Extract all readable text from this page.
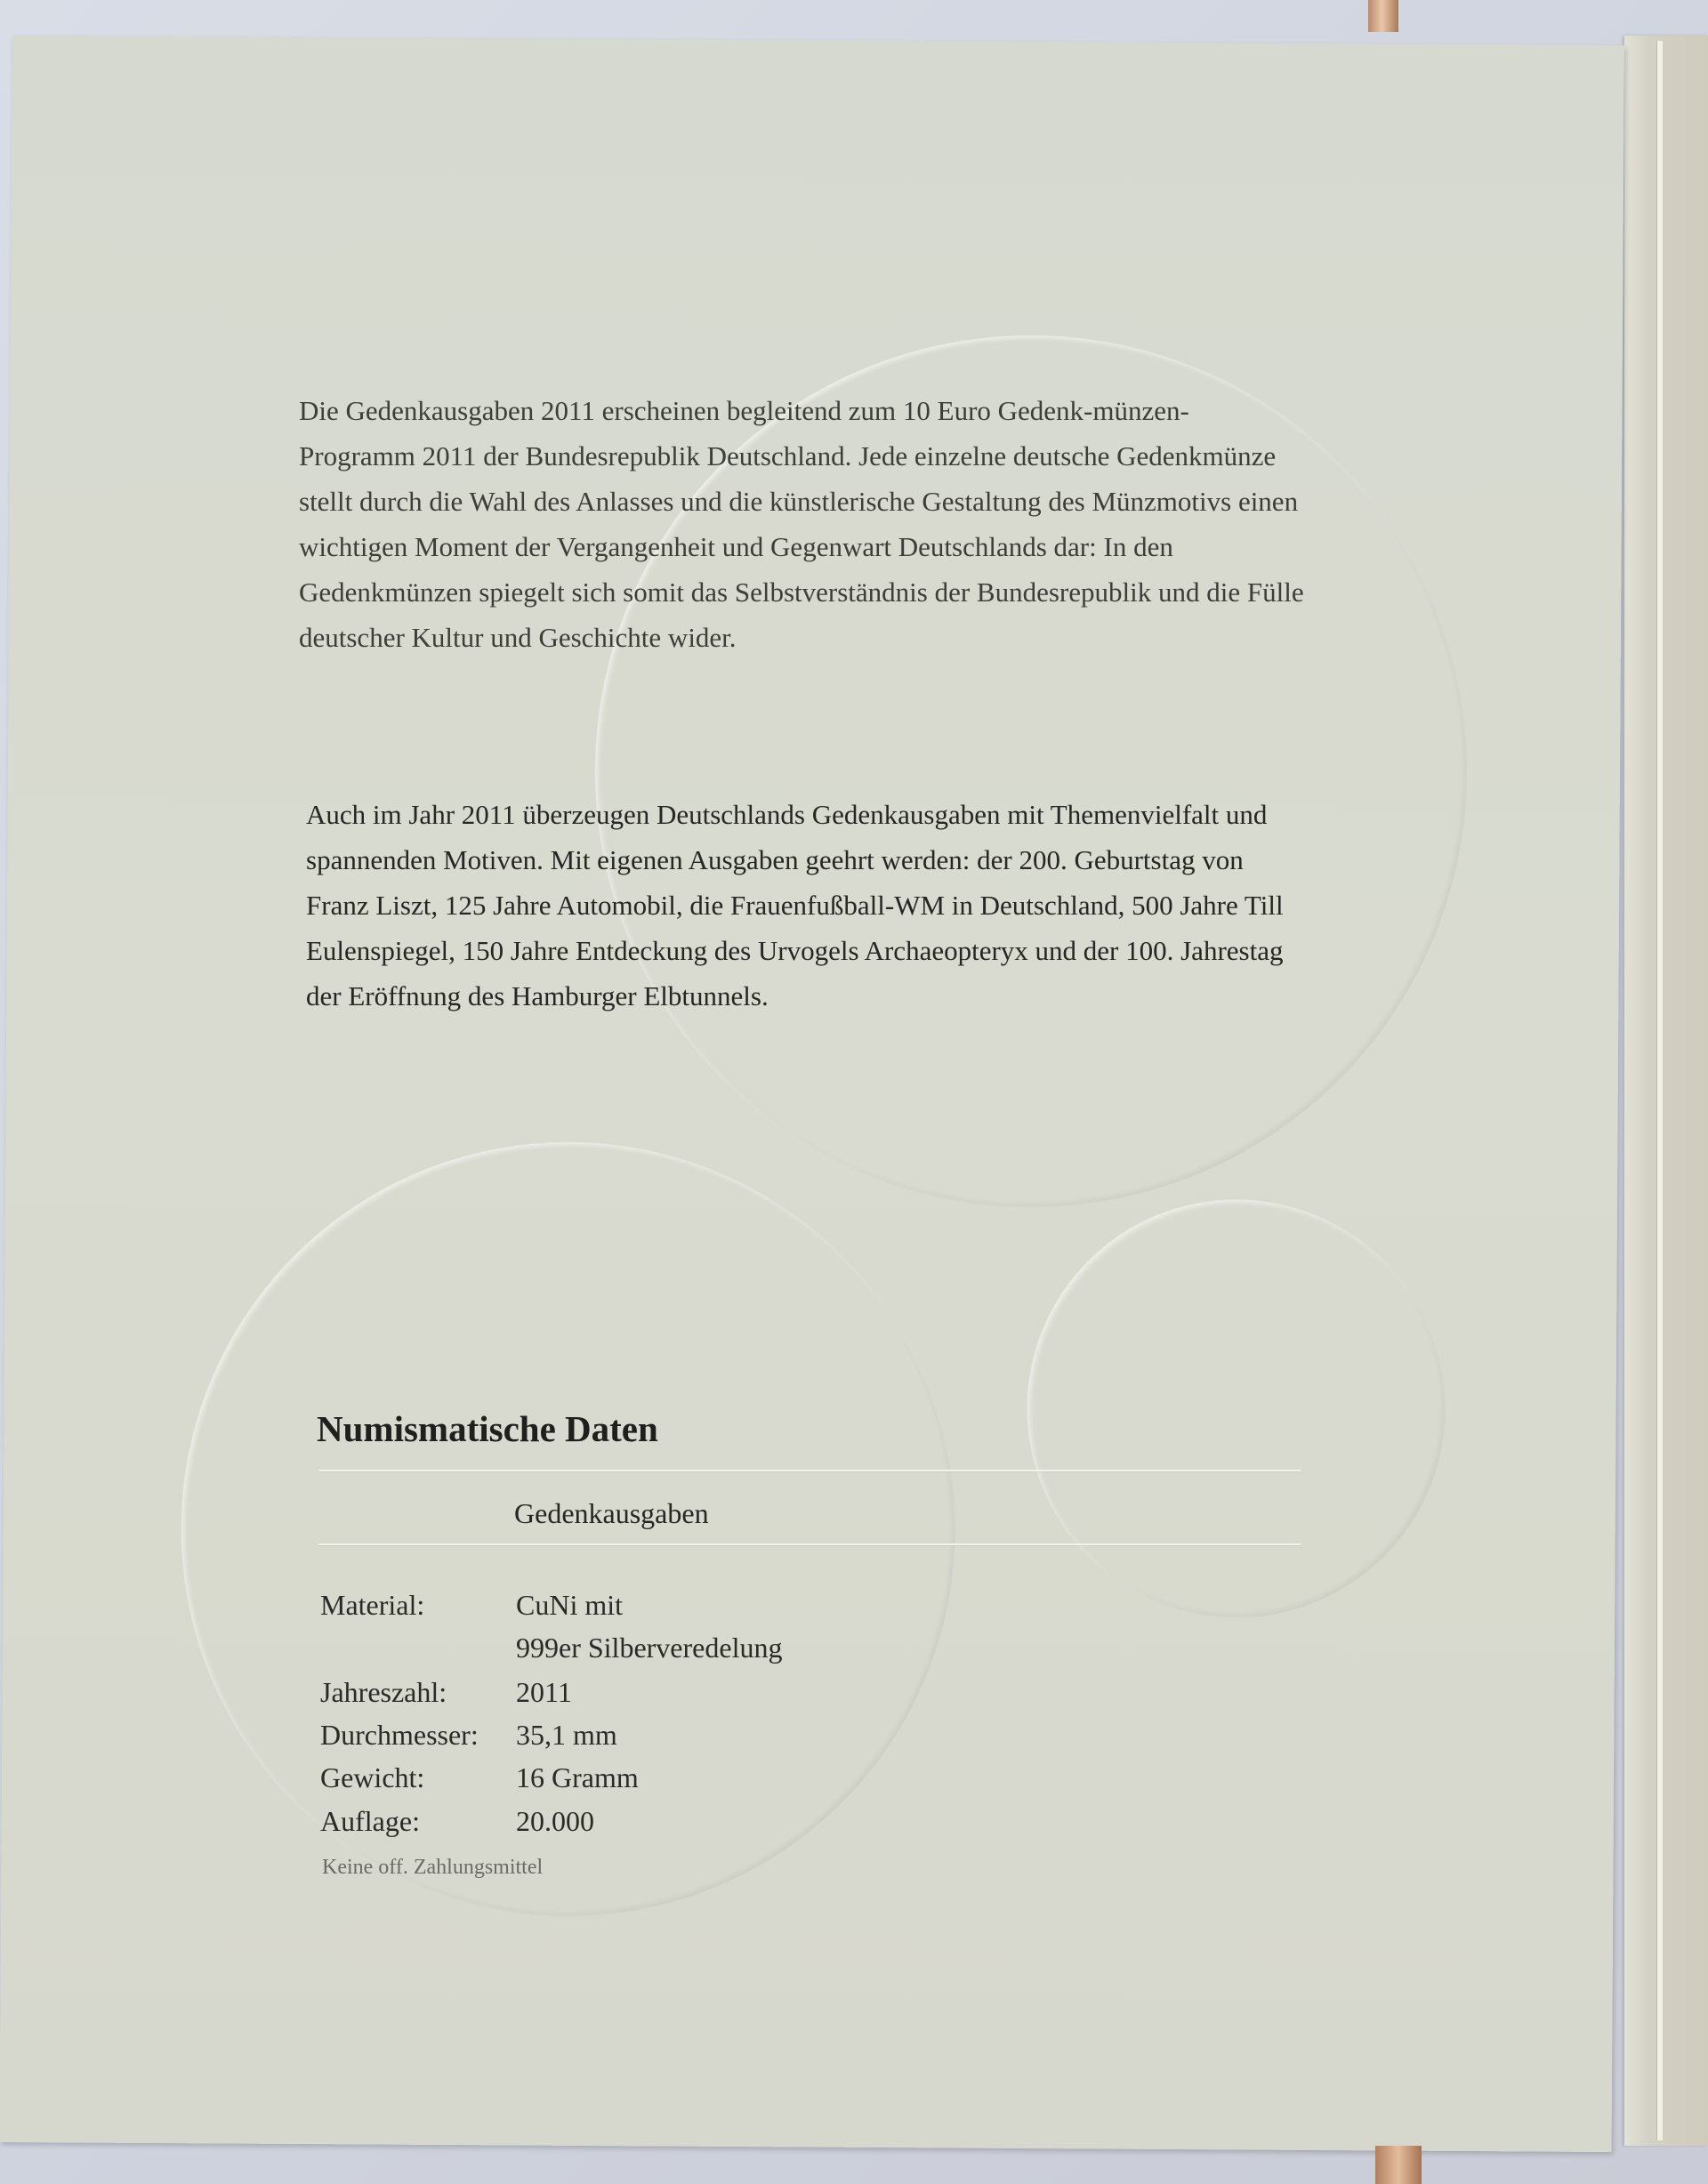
Die Gedenkausgaben 2011 erscheinen begleitend zum 10 Euro Gedenk-münzen-Programm 2011 der Bundesrepublik Deutschland. Jede einzelne deutsche Gedenkmünze stellt durch die Wahl des Anlasses und die künstlerische Gestaltung des Münzmotivs einen wichtigen Moment der Vergangenheit und Gegenwart Deutschlands dar: In den Gedenkmünzen spiegelt sich somit das Selbstverständnis der Bundesrepublik und die Fülle deutscher Kultur und Geschichte wider.

Auch im Jahr 2011 überzeugen Deutschlands Gedenkausgaben mit Themenvielfalt und spannenden Motiven. Mit eigenen Ausgaben geehrt werden: der 200. Geburtstag von Franz Liszt, 125 Jahre Automobil, die Frauenfußball-WM in Deutschland, 500 Jahre Till Eulenspiegel, 150 Jahre Entdeckung des Urvogels Archaeopteryx und der 100. Jahrestag der Eröffnung des Hamburger Elbtunnels.

Numismatische Daten
Gedenkausgaben
Material:	CuNi mit
999er Silberveredelung
Jahreszahl: 2011
Durchmesser: 35,1 mm
Gewicht:	16 Gramm
Auflage:	20.000
Keine off. Zahlungsmittel
